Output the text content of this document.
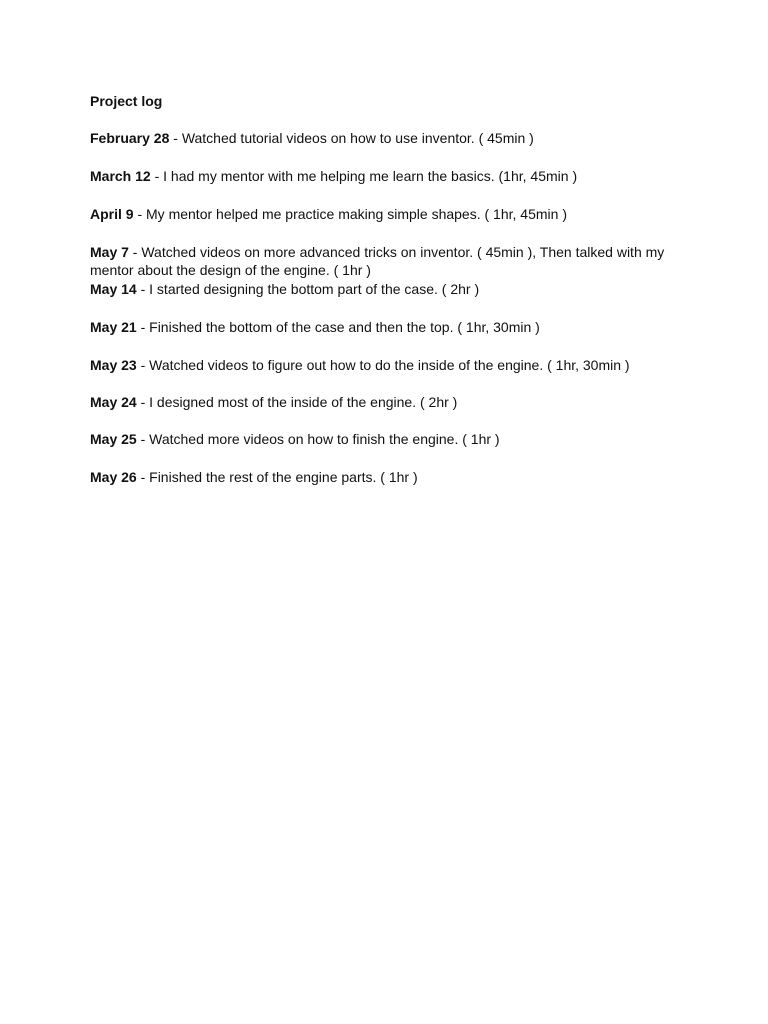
Project log
February 28 - Watched tutorial videos on how to use inventor. ( 45min )
March 12 - I had my mentor with me helping me learn the basics. (1hr, 45min )
April 9 - My mentor helped me practice making simple shapes. ( 1hr, 45min )
May 7 - Watched videos on more advanced tricks on inventor. ( 45min ), Then talked with my
mentor about the design of the engine. ( 1hr )
May 14 - I started designing the bottom part of the case. ( 2hr )
May 21 - Finished the bottom of the case and then the top. ( 1hr, 30min )
May 23 - Watched videos to figure out how to do the inside of the engine. ( 1hr, 30min )
May 24 - I designed most of the inside of the engine. ( 2hr )
May 25 - Watched more videos on how to finish the engine. ( 1hr )
May 26 - Finished the rest of the engine parts. ( 1hr )
